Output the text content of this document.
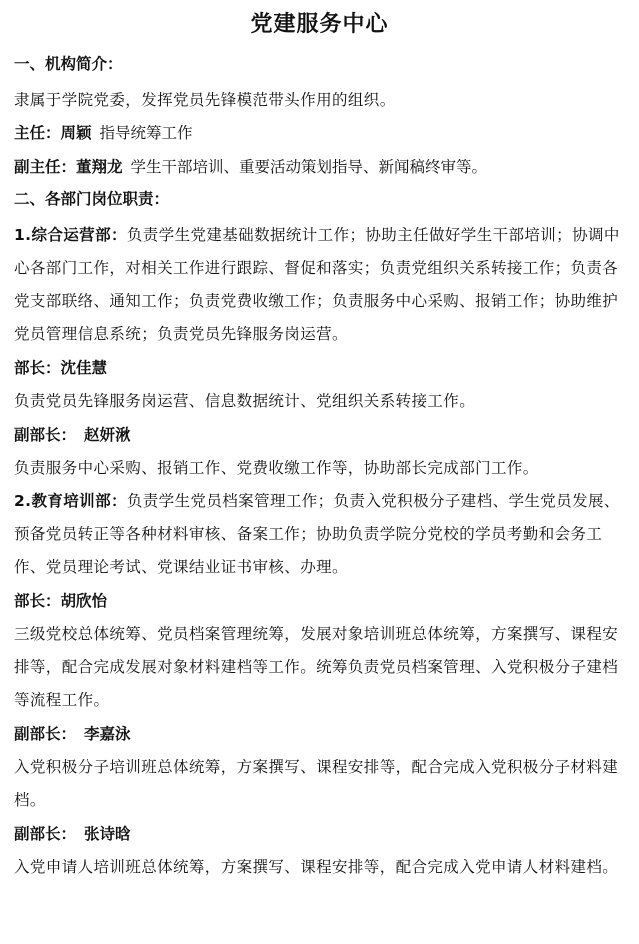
党建服务中心
一、机构简介：

隶属于学院党委，发挥党员先锋模范带头作用的组织。

主任：周颖 指导统筹工作
副主任：董翔龙 学生干部培训、重要活动策划指导、新闻稿终审等。
二、各部门岗位职责：

1.综合运营部：负责学生党建基础数据统计工作；协助主任做好学生干部培训；协调中心各部门工作，对相关工作进行跟踪、督促和落实；负责党组织关系转接工作；负责各党支部联络、通知工作；负责党费收缴工作；负责服务中心采购、报销工作；协助维护党员管理信息系统；负责党员先锋服务岗运营。

部长：沈佳慧

负责党员先锋服务岗运营、信息数据统计、党组织关系转接工作。

副部长： 赵妍湫

负责服务中心采购、报销工作、党费收缴工作等，协助部长完成部门工作。

2.教育培训部：负责学生党员档案管理工作；负责入党积极分子建档、学生党员发展、预备党员转正等各种材料审核、备案工作；协助负责学院分党校的学员考勤和会务工作、党员理论考试、党课结业证书审核、办理。

部长：胡欣怡

三级党校总体统筹、党员档案管理统筹，发展对象培训班总体统筹，方案撰写、课程安排等，配合完成发展对象材料建档等工作。统筹负责党员档案管理、入党积极分子建档等流程工作。

副部长： 李嘉泳

入党积极分子培训班总体统筹，方案撰写、课程安排等，配合完成入党积极分子材料建档。

副部长： 张诗晗

入党申请人培训班总体统筹，方案撰写、课程安排等，配合完成入党申请人材料建档。
